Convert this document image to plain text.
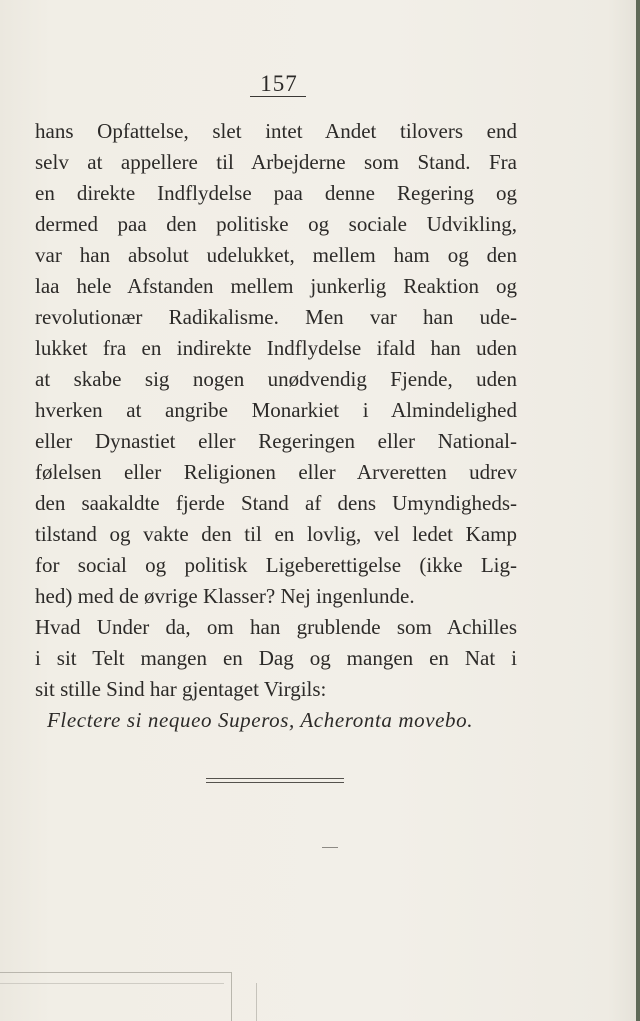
157
hans Opfattelse, slet intet Andet tilovers end
selv at appellere til Arbejderne som Stand. Fra
en direkte Indflydelse paa denne Regering og
dermed paa den politiske og sociale Udvikling,
var han absolut udelukket, mellem ham og den
laa hele Afstanden mellem junkerlig Reaktion og
revolutionær Radikalisme. Men var han ude-
lukket fra en indirekte Indflydelse ifald han uden
at skabe sig nogen unødvendig Fjende, uden
hverken at angribe Monarkiet i Almindelighed
eller Dynastiet eller Regeringen eller National-
følelsen eller Religionen eller Arveretten udrev
den saakaldte fjerde Stand af dens Umyndigheds-
tilstand og vakte den til en lovlig, vel ledet Kamp
for social og politisk Ligeberettigelse (ikke Lig-
hed) med de øvrige Klasser? Nej ingenlunde.
Hvad Under da, om han grublende som Achilles
i sit Telt mangen en Dag og mangen en Nat i
sit stille Sind har gjentaget Virgils:
Flectere si nequeo Superos, Acheronta movebo.
